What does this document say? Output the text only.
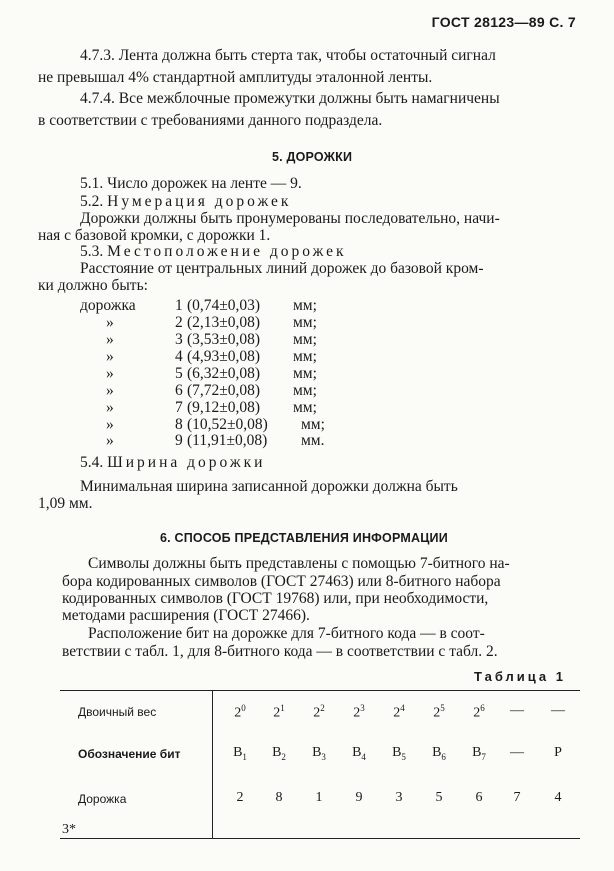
ГОСТ 28123—89 С. 7
4.7.3. Лента должна быть стерта так, чтобы остаточный сигнал
не превышал 4% стандартной амплитуды эталонной ленты.
4.7.4. Все межблочные промежутки должны быть намагничены
в соответствии с требованиями данного подраздела.
5. ДОРОЖКИ
5.1. Число дорожек на ленте — 9.
5.2. Нумерация дорожек
Дорожки должны быть пронумерованы последовательно, начи-
ная с базовой кромки, с дорожки 1.
5.3. Местоположение дорожек
Расстояние от центральных линий дорожек до базовой кром-
ки должно быть:
дорожка	1 (0,74±0,03) мм;
»	2 (2,13±0,08) мм;
»	3 (3,53±0,08) мм;
»	4 (4,93±0,08) мм;
»	5 (6,32±0,08) мм;
»	6 (7,72±0,08) мм;
»	7 (9,12±0,08) мм;
»	8 (10,52±0,08) мм;
»	9 (11,91±0,08) мм.
5.4. Ширина дорожки
Минимальная ширина записанной дорожки должна быть
1,09 мм.
6. СПОСОБ ПРЕДСТАВЛЕНИЯ ИНФОРМАЦИИ
Символы должны быть представлены с помощью 7-битного на-
бора кодированных символов (ГОСТ 27463) или 8-битного набора
кодированных символов (ГОСТ 19768) или, при необходимости,
методами расширения (ГОСТ 27466).
Расположение бит на дорожке для 7-битного кода — в соот-
ветствии с табл. 1, для 8-битного кода — в соответствии с табл. 2.
Таблица 1
Двоичный вес	$2^0$	$2^1$	$2^2$	$2^3$	$2^4$	$2^5$	$2^6$	—	—
Обозначение бит	$B_1$	$B_2$	$B_3$	$B_4$	$B_5$	$B_6$	$B_7$	—	P
Дорожка	2	8	1	9	3	5	6	7	4
3*
